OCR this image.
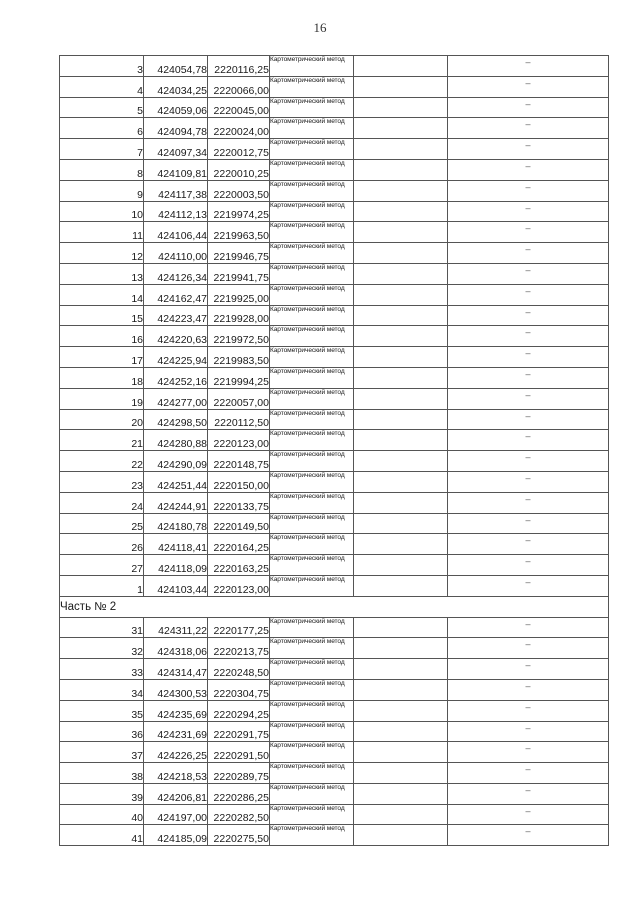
16
3	424054,78	2220116,25	Картометрический метод		–
4	424034,25	2220066,00	Картометрический метод		–
5	424059,06	2220045,00	Картометрический метод		–
6	424094,78	2220024,00	Картометрический метод		–
7	424097,34	2220012,75	Картометрический метод		–
8	424109,81	2220010,25	Картометрический метод		–
9	424117,38	2220003,50	Картометрический метод		–
10	424112,13	2219974,25	Картометрический метод		–
11	424106,44	2219963,50	Картометрический метод		–
12	424110,00	2219946,75	Картометрический метод		–
13	424126,34	2219941,75	Картометрический метод		–
14	424162,47	2219925,00	Картометрический метод		–
15	424223,47	2219928,00	Картометрический метод		–
16	424220,63	2219972,50	Картометрический метод		–
17	424225,94	2219983,50	Картометрический метод		–
18	424252,16	2219994,25	Картометрический метод		–
19	424277,00	2220057,00	Картометрический метод		–
20	424298,50	2220112,50	Картометрический метод		–
21	424280,88	2220123,00	Картометрический метод		–
22	424290,09	2220148,75	Картометрический метод		–
23	424251,44	2220150,00	Картометрический метод		–
24	424244,91	2220133,75	Картометрический метод		–
25	424180,78	2220149,50	Картометрический метод		–
26	424118,41	2220164,25	Картометрический метод		–
27	424118,09	2220163,25	Картометрический метод		–
1	424103,44	2220123,00	Картометрический метод		–
Часть № 2					
31	424311,22	2220177,25	Картометрический метод		–
32	424318,06	2220213,75	Картометрический метод		–
33	424314,47	2220248,50	Картометрический метод		–
34	424300,53	2220304,75	Картометрический метод		–
35	424235,69	2220294,25	Картометрический метод		–
36	424231,69	2220291,75	Картометрический метод		–
37	424226,25	2220291,50	Картометрический метод		–
38	424218,53	2220289,75	Картометрический метод		–
39	424206,81	2220286,25	Картометрический метод		–
40	424197,00	2220282,50	Картометрический метод		–
41	424185,09	2220275,50	Картометрический метод		–
